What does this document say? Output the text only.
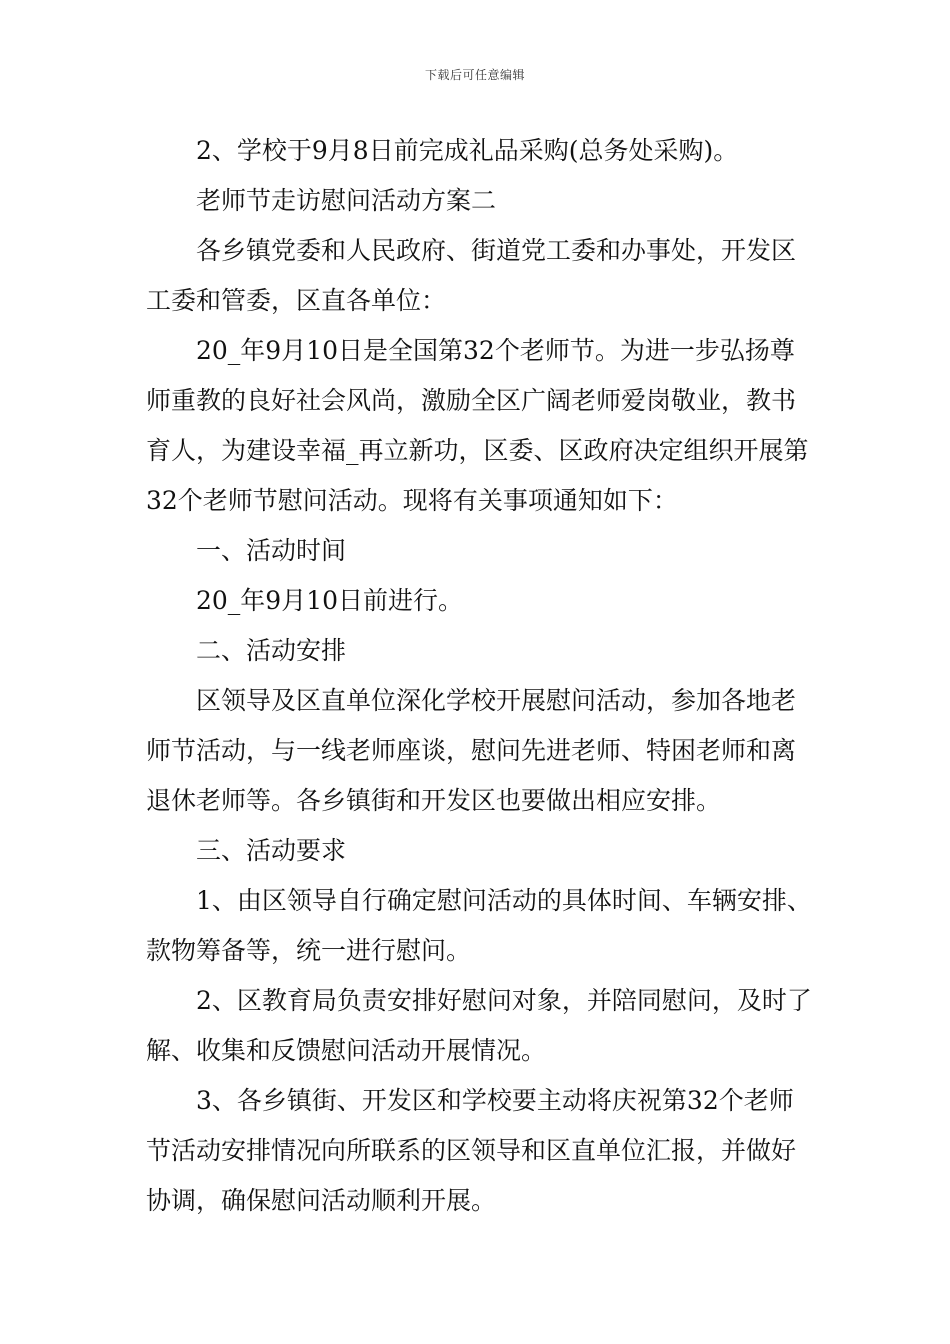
下载后可任意编辑

2、学校于9月8日前完成礼品采购(总务处采购)。

老师节走访慰问活动方案二

各乡镇党委和人民政府、街道党工委和办事处，开发区工委和管委，区直各单位：

20_年9月10日是全国第32个老师节。为进一步弘扬尊师重教的良好社会风尚，激励全区广阔老师爱岗敬业，教书育人，为建设幸福_再立新功，区委、区政府决定组织开展第32个老师节慰问活动。现将有关事项通知如下：

一、活动时间

20_年9月10日前进行。

二、活动安排

区领导及区直单位深化学校开展慰问活动，参加各地老师节活动，与一线老师座谈，慰问先进老师、特困老师和离退休老师等。各乡镇街和开发区也要做出相应安排。

三、活动要求

1、由区领导自行确定慰问活动的具体时间、车辆安排、款物筹备等，统一进行慰问。

2、区教育局负责安排好慰问对象，并陪同慰问，及时了解、收集和反馈慰问活动开展情况。

3、各乡镇街、开发区和学校要主动将庆祝第32个老师节活动安排情况向所联系的区领导和区直单位汇报，并做好协调，确保慰问活动顺利开展。
